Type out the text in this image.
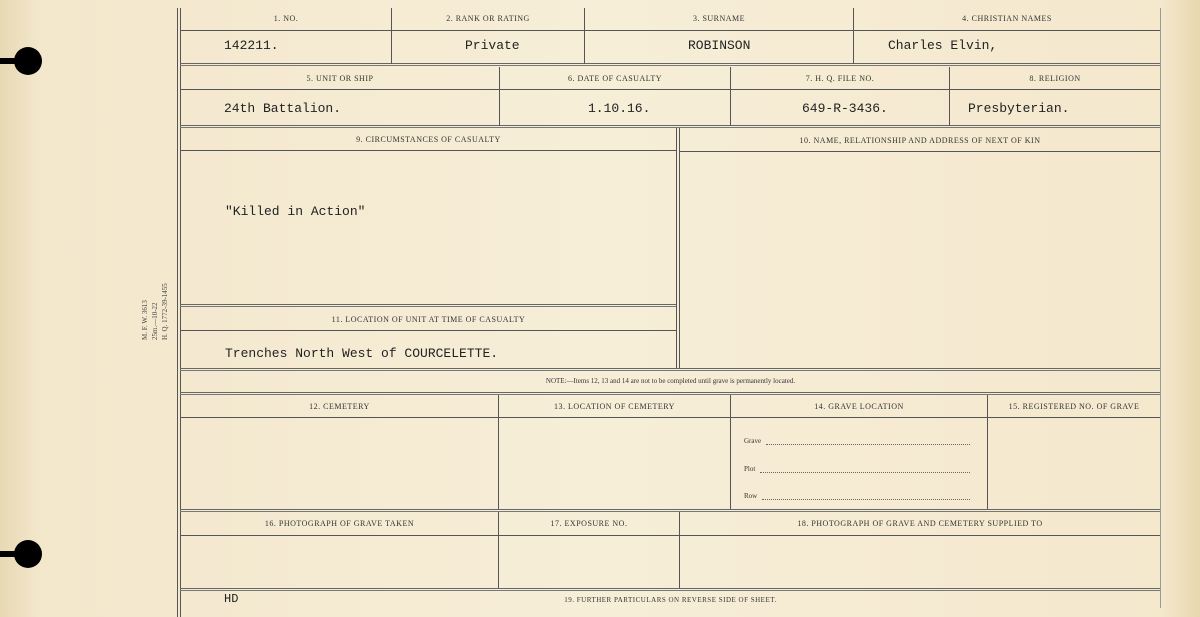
M. F. W. 3613 25m.—10-22 H. Q. 1772-39-1455
1. NO.	2. RANK OR RATING	3. SURNAME	4. CHRISTIAN NAMES
142211.	Private	ROBINSON	Charles Elvin,
5. UNIT OR SHIP	6. DATE OF CASUALTY	7. H. Q. FILE NO.	8. RELIGION
24th Battalion.	1.10.16.	649-R-3436.	Presbyterian.
9. CIRCUMSTANCES OF CASUALTY
"Killed in Action"
10. NAME, RELATIONSHIP AND ADDRESS OF NEXT OF KIN
11. LOCATION OF UNIT AT TIME OF CASUALTY
Trenches North West of COURCELETTE.
NOTE:—Items 12, 13 and 14 are not to be completed until grave is permanently located.
12. CEMETERY	13. LOCATION OF CEMETERY	14. GRAVE LOCATION	15. REGISTERED NO. OF GRAVE
Grave
Plot
Row
16. PHOTOGRAPH OF GRAVE TAKEN	17. EXPOSURE NO.	18. PHOTOGRAPH OF GRAVE AND CEMETERY SUPPLIED TO
HD	19. FURTHER PARTICULARS ON REVERSE SIDE OF SHEET.
